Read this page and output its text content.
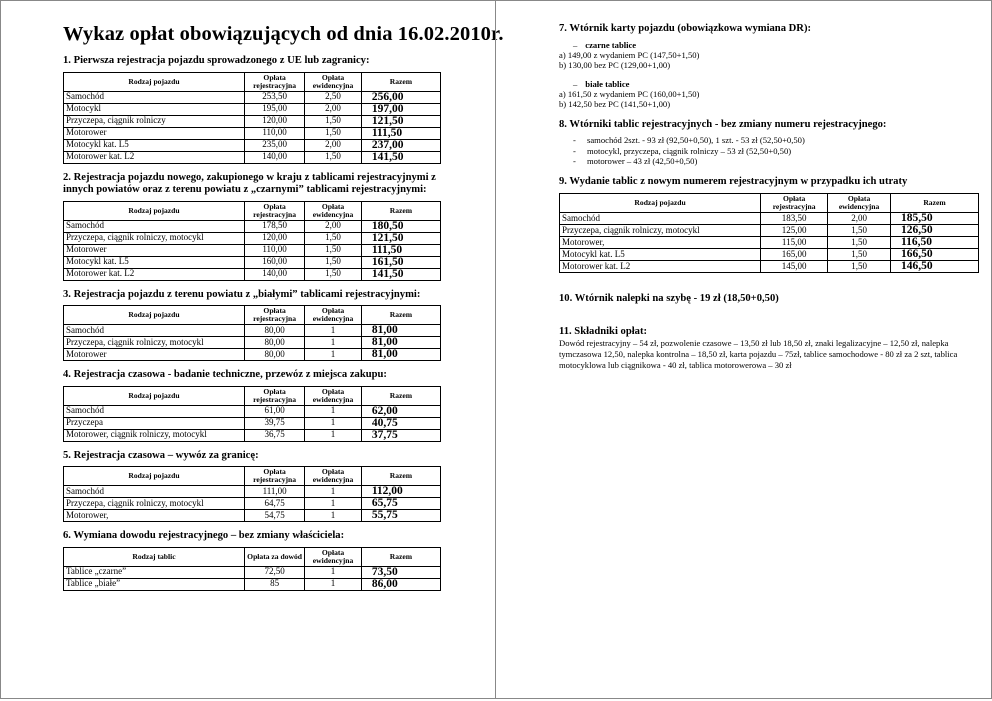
Wykaz opłat obowiązujących od dnia 16.02.2010r.
1. Pierwsza rejestracja pojazdu sprowadzonego z UE lub zagranicy:
Rodzaj pojazdu	Opłata rejestracyjna	Opłata ewidencyjna	Razem
Samochód	253,50	2,50	256,00
Motocykl	195,00	2,00	197,00
Przyczepa, ciągnik rolniczy	120,00	1,50	121,50
Motorower	110,00	1,50	111,50
Motocykl kat. L5	235,00	2,00	237,00
Motorower kat. L2	140,00	1,50	141,50
2. Rejestracja pojazdu nowego, zakupionego w kraju z tablicami rejestracyjnymi z innych powiatów oraz z terenu powiatu z „czarnymi” tablicami rejestracyjnymi:
Rodzaj pojazdu	Opłata rejestracyjna	Opłata ewidencyjna	Razem
Samochód	178,50	2,00	180,50
Przyczepa, ciągnik rolniczy, motocykl	120,00	1,50	121,50
Motorower	110,00	1,50	111,50
Motocykl kat. L5	160,00	1,50	161,50
Motorower kat. L2	140,00	1,50	141,50
3. Rejestracja pojazdu z terenu powiatu z „białymi” tablicami rejestracyjnymi:
Rodzaj pojazdu	Opłata rejestracyjna	Opłata ewidencyjna	Razem
Samochód	80,00	1	81,00
Przyczepa, ciągnik rolniczy, motocykl	80,00	1	81,00
Motorower	80,00	1	81,00
4. Rejestracja czasowa - badanie techniczne, przewóz z miejsca zakupu:
Rodzaj pojazdu	Opłata rejestracyjna	Opłata ewidencyjna	Razem
Samochód	61,00	1	62,00
Przyczepa	39,75	1	40,75
Motorower, ciągnik rolniczy, motocykl	36,75	1	37,75
5. Rejestracja czasowa – wywóz za granicę:
Rodzaj pojazdu	Opłata rejestracyjna	Opłata ewidencyjna	Razem
Samochód	111,00	1	112,00
Przyczepa, ciągnik rolniczy, motocykl	64,75	1	65,75
Motorower,	54,75	1	55,75
6. Wymiana dowodu rejestracyjnego – bez zmiany właściciela:
Rodzaj tablic	Opłata za dowód	Opłata ewidencyjna	Razem
Tablice „czarne”	72,50	1	73,50
Tablice „białe”	85	1	86,00
7. Wtórnik karty pojazdu (obowiązkowa wymiana DR):
– czarne tablice
a) 149,00 z wydaniem PC (147,50+1,50)
b) 130,00 bez PC (129,00+1,00)
– białe tablice
a) 161,50 z wydaniem PC (160,00+1,50)
b) 142,50 bez PC (141,50+1,00)
8. Wtórniki tablic rejestracyjnych - bez zmiany numeru rejestracyjnego:
- samochód 2szt. - 93 zł (92,50+0,50), 1 szt. - 53 zł (52,50+0,50)
- motocykl, przyczepa, ciągnik rolniczy – 53 zł (52,50+0,50)
- motorower – 43 zł (42,50+0,50)
9. Wydanie tablic z nowym numerem rejestracyjnym w przypadku ich utraty
Rodzaj pojazdu	Opłata rejestracyjna	Opłata ewidencyjna	Razem
Samochód	183,50	2,00	185,50
Przyczepa, ciągnik rolniczy, motocykl	125,00	1,50	126,50
Motorower,	115,00	1,50	116,50
Motocykl kat. L5	165,00	1,50	166,50
Motorower kat. L2	145,00	1,50	146,50
10. Wtórnik nalepki na szybę - 19 zł (18,50+0,50)
11. Składniki opłat:
Dowód rejestracyjny – 54 zł, pozwolenie czasowe – 13,50 zł lub 18,50 zł, znaki legalizacyjne – 12,50 zł, nalepka tymczasowa 12,50, nalepka kontrolna – 18,50 zł, karta pojazdu – 75zł, tablice samochodowe - 80 zł za 2 szt, tablica motocyklowa lub ciągnikowa - 40 zł, tablica motorowerowa – 30 zł
